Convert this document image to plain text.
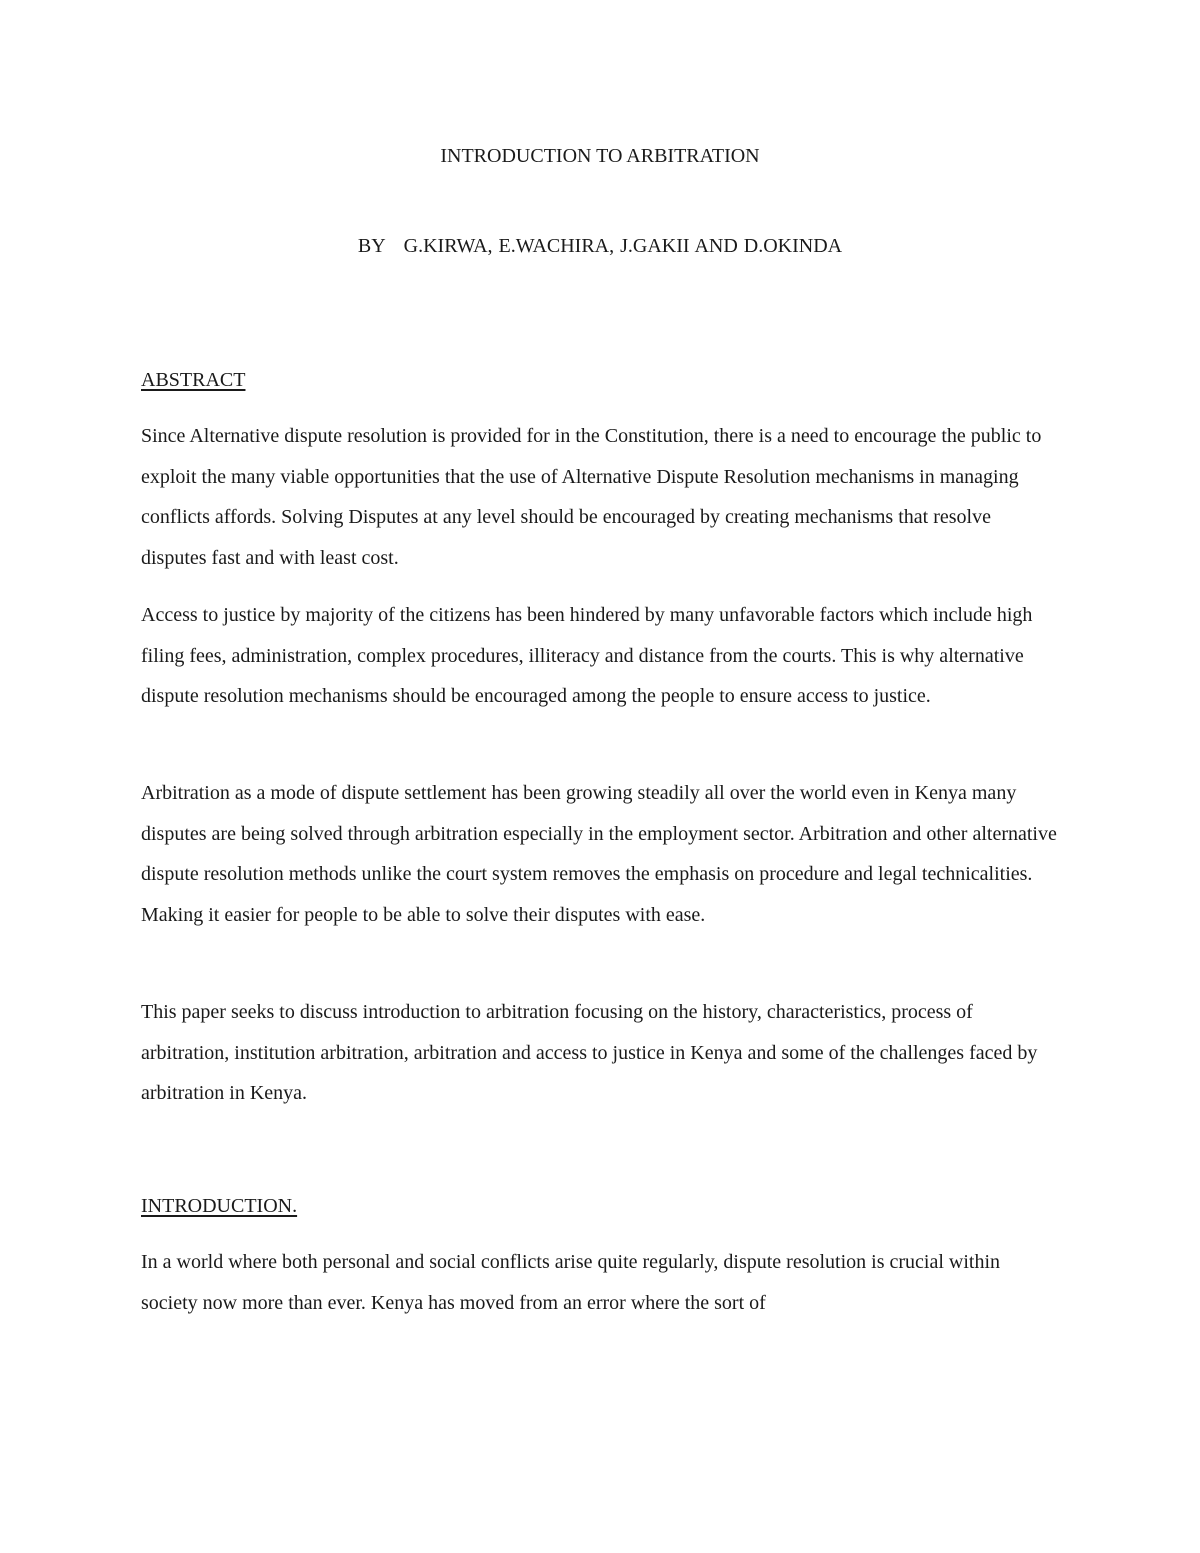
INTRODUCTION TO ARBITRATION
BY   G.KIRWA, E.WACHIRA, J.GAKII AND D.OKINDA
ABSTRACT

Since Alternative dispute resolution is provided for in the Constitution, there is a need to encourage the public to exploit the many viable opportunities that the use of Alternative Dispute Resolution mechanisms in managing conflicts affords. Solving Disputes at any level should be encouraged by creating mechanisms that resolve disputes fast and with least cost.

Access to justice by majority of the citizens has been hindered by many unfavorable factors which include high filing fees, administration, complex procedures, illiteracy and distance from the courts. This is why alternative dispute resolution mechanisms should be encouraged among the people to ensure access to justice.

Arbitration as a mode of dispute settlement has been growing steadily all over the world even in Kenya many disputes are being solved through arbitration especially in the employment sector. Arbitration and other alternative dispute resolution methods unlike the court system removes the emphasis on procedure and legal technicalities. Making it easier for people to be able to solve their disputes with ease.

This paper seeks to discuss introduction to arbitration focusing on the history, characteristics, process of arbitration, institution arbitration, arbitration and access to justice in Kenya and some of the challenges faced by arbitration in Kenya.

INTRODUCTION.

In a world where both personal and social conflicts arise quite regularly, dispute resolution is crucial within society now more than ever. Kenya has moved from an error where the sort of
